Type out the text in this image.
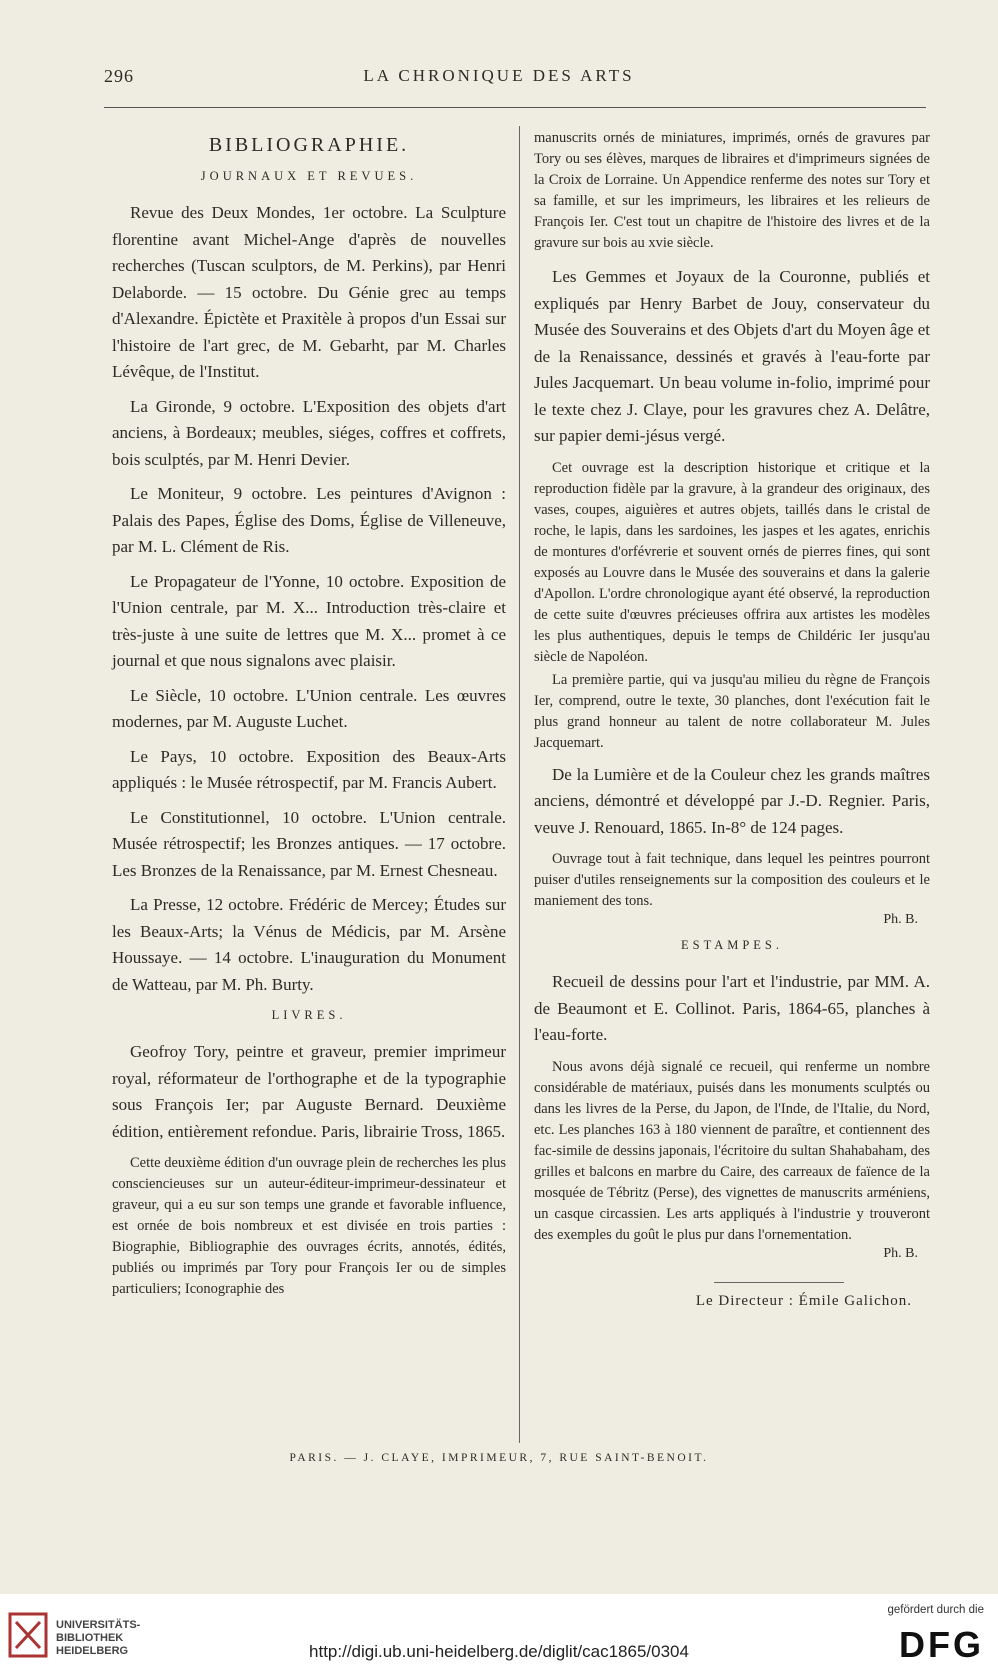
296	LA CHRONIQUE DES ARTS
BIBLIOGRAPHIE.
JOURNAUX ET REVUES.

Revue des Deux Mondes, 1er octobre. La Sculpture florentine avant Michel-Ange d'après de nouvelles recherches (Tuscan sculptors, de M. Perkins), par Henri Delaborde. — 15 octobre. Du Génie grec au temps d'Alexandre. Épictète et Praxitèle à propos d'un Essai sur l'histoire de l'art grec, de M. Gebarht, par M. Charles Lévêque, de l'Institut.

La Gironde, 9 octobre. L'Exposition des objets d'art anciens, à Bordeaux; meubles, siéges, coffres et coffrets, bois sculptés, par M. Henri Devier.

Le Moniteur, 9 octobre. Les peintures d'Avignon : Palais des Papes, Église des Doms, Église de Villeneuve, par M. L. Clément de Ris.

Le Propagateur de l'Yonne, 10 octobre. Exposition de l'Union centrale, par M. X... Introduction très-claire et très-juste à une suite de lettres que M. X... promet à ce journal et que nous signalons avec plaisir.

Le Siècle, 10 octobre. L'Union centrale. Les œuvres modernes, par M. Auguste Luchet.

Le Pays, 10 octobre. Exposition des Beaux-Arts appliqués : le Musée rétrospectif, par M. Francis Aubert.

Le Constitutionnel, 10 octobre. L'Union centrale. Musée rétrospectif; les Bronzes antiques. — 17 octobre. Les Bronzes de la Renaissance, par M. Ernest Chesneau.

La Presse, 12 octobre. Frédéric de Mercey; Études sur les Beaux-Arts; la Vénus de Médicis, par M. Arsène Houssaye. — 14 octobre. L'inauguration du Monument de Watteau, par M. Ph. Burty.

LIVRES.

Geofroy Tory, peintre et graveur, premier imprimeur royal, réformateur de l'orthographe et de la typographie sous François Ier; par Auguste Bernard. Deuxième édition, entièrement refondue. Paris, librairie Tross, 1865.

Cette deuxième édition d'un ouvrage plein de recherches les plus consciencieuses sur un auteur-éditeur-imprimeur-dessinateur et graveur, qui a eu sur son temps une grande et favorable influence, est ornée de bois nombreux et est divisée en trois parties : Biographie, Bibliographie des ouvrages écrits, annotés, édités, publiés ou imprimés par Tory pour François Ier ou de simples particuliers; Iconographie des

manuscrits ornés de miniatures, imprimés, ornés de gravures par Tory ou ses élèves, marques de libraires et d'imprimeurs signées de la Croix de Lorraine. Un Appendice renferme des notes sur Tory et sa famille, et sur les imprimeurs, les libraires et les relieurs de François Ier. C'est tout un chapitre de l'histoire des livres et de la gravure sur bois au xvie siècle.

Les Gemmes et Joyaux de la Couronne, publiés et expliqués par Henry Barbet de Jouy, conservateur du Musée des Souverains et des Objets d'art du Moyen âge et de la Renaissance, dessinés et gravés à l'eau-forte par Jules Jacquemart. Un beau volume in-folio, imprimé pour le texte chez J. Claye, pour les gravures chez A. Delâtre, sur papier demi-jésus vergé.

Cet ouvrage est la description historique et critique et la reproduction fidèle par la gravure, à la grandeur des originaux, des vases, coupes, aiguières et autres objets, taillés dans le cristal de roche, le lapis, dans les sardoines, les jaspes et les agates, enrichis de montures d'orfévrerie et souvent ornés de pierres fines, qui sont exposés au Louvre dans le Musée des souverains et dans la galerie d'Apollon. L'ordre chronologique ayant été observé, la reproduction de cette suite d'œuvres précieuses offrira aux artistes les modèles les plus authentiques, depuis le temps de Childéric Ier jusqu'au siècle de Napoléon.

La première partie, qui va jusqu'au milieu du règne de François Ier, comprend, outre le texte, 30 planches, dont l'exécution fait le plus grand honneur au talent de notre collaborateur M. Jules Jacquemart.

De la Lumière et de la Couleur chez les grands maîtres anciens, démontré et développé par J.-D. Regnier. Paris, veuve J. Renouard, 1865. In-8° de 124 pages.

Ouvrage tout à fait technique, dans lequel les peintres pourront puiser d'utiles renseignements sur la composition des couleurs et le maniement des tons.

Ph. B.
ESTAMPES.

Recueil de dessins pour l'art et l'industrie, par MM. A. de Beaumont et E. Collinot. Paris, 1864-65, planches à l'eau-forte.

Nous avons déjà signalé ce recueil, qui renferme un nombre considérable de matériaux, puisés dans les monuments sculptés ou dans les livres de la Perse, du Japon, de l'Inde, de l'Italie, du Nord, etc. Les planches 163 à 180 viennent de paraître, et contiennent des fac-simile de dessins japonais, l'écritoire du sultan Shahabaham, des grilles et balcons en marbre du Caire, des carreaux de faïence de la mosquée de Tébritz (Perse), des vignettes de manuscrits arméniens, un casque circassien. Les arts appliqués à l'industrie y trouveront des exemples du goût le plus pur dans l'ornementation.

Ph. B.
Le Directeur : Émile Galichon.
PARIS. — J. CLAYE, IMPRIMEUR, 7, RUE SAINT-BENOIT.
UNIVERSITÄTS-
BIBLIOTHEK
HEIDELBERG	http://digi.ub.uni-heidelberg.de/diglit/cac1865/0304
gefördert durch die
DFG
